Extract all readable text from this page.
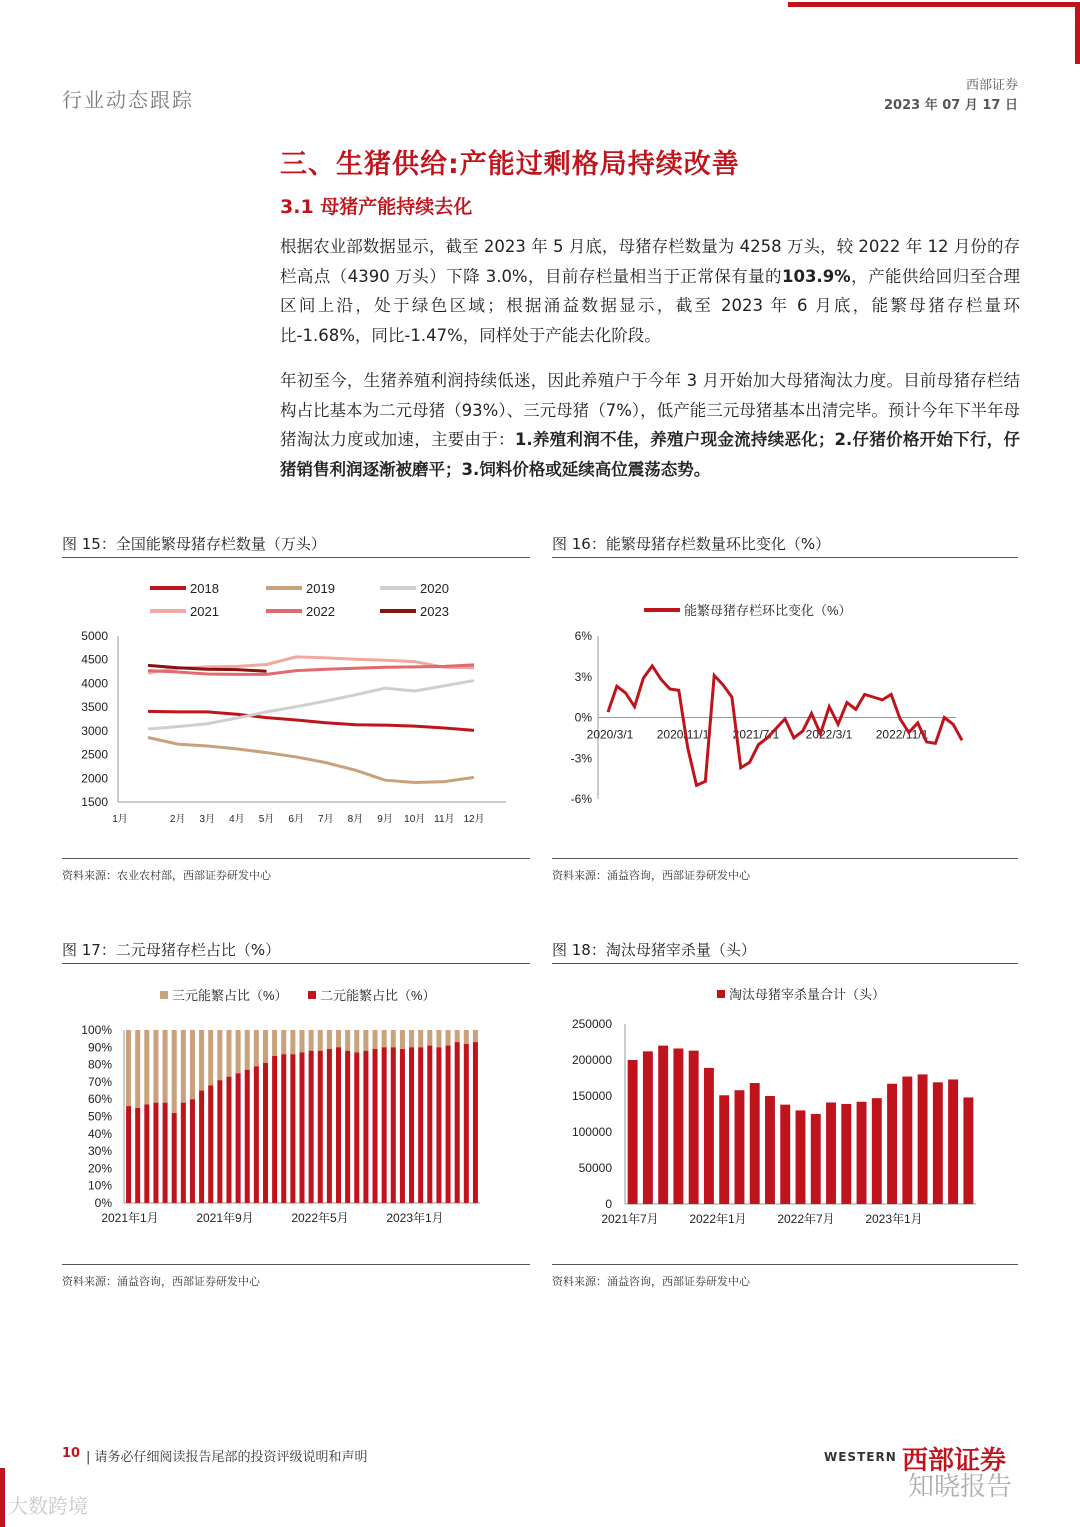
行业动态跟踪
西部证券
2023 年 07 月 17 日
三、生猪供给:产能过剩格局持续改善
3.1 母猪产能持续去化
根据农业部数据显示，截至 2023 年 5 月底，母猪存栏数量为 4258 万头，较 2022 年 12 月份的存栏高点（4390 万头）下降 3.0%，目前存栏量相当于正常保有量的103.9%，产能供给回归至合理区间上沿，处于绿色区域；根据涌益数据显示，截至 2023 年 6 月底，能繁母猪存栏量环比-1.68%，同比-1.47%，同样处于产能去化阶段。
年初至今，生猪养殖利润持续低迷，因此养殖户于今年 3 月开始加大母猪淘汰力度。目前母猪存栏结构占比基本为二元母猪（93%）、三元母猪（7%），低产能三元母猪基本出清完毕。预计今年下半年母猪淘汰力度或加速，主要由于：1.养殖利润不佳，养殖户现金流持续恶化；2.仔猪价格开始下行，仔猪销售利润逐渐被磨平；3.饲料价格或延续高位震荡态势。
图 15：全国能繁母猪存栏数量（万头）	图 16：能繁母猪存栏数量环比变化（%）
1500
2000
2500
3000
3500
4000
4500
5000
1月	2月 3月 4月 5月 6月 7月 8月 9月 10月 11月 12月
2018	2019	2020
2021	2022	2023
6%
3%
0%
-3%
-6%
2020/3/1 2020/11/1 2021/7/1 2022/3/1 2022/11/1
能繁母猪存栏环比变化（%）
资料来源：农业农村部，西部证券研发中心	资料来源：涌益咨询，西部证券研发中心
图 17：二元母猪存栏占比（%）	图 18：淘汰母猪宰杀量（头）
100%
90%
80%
70%
60%
50%
40%
30%
20%
10%
0%
2021年1月	2021年9月	2022年5月	2023年1月
三元能繁占比（%） 二元能繁占比（%）
250000
200000
150000
100000
50000
0
2021年7月	2022年1月	2022年7月	2023年1月
淘汰母猪宰杀量合计（头）
资料来源：涌益咨询，西部证券研发中心	资料来源：涌益咨询，西部证券研发中心
10 | 请务必仔细阅读报告尾部的投资评级说明和声明	WESTERN 西部证券
知晓报告
大数跨境
